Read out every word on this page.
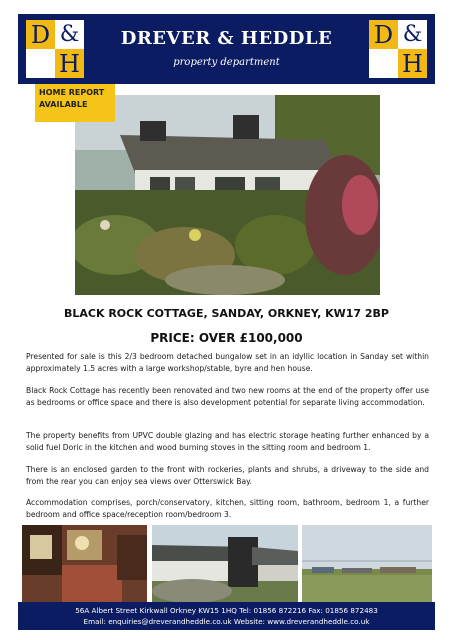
D &
H
DREVER & HEDDLE
property department
D &
H
HOME REPORT
AVAILABLE
BLACK ROCK COTTAGE, SANDAY, ORKNEY, KW17 2BP
PRICE: OVER £100,000

Presented for sale is this 2/3 bedroom detached bungalow set in an idyllic location in Sanday set within approximately 1.5 acres with a large workshop/stable, byre and hen house.

Black Rock Cottage has recently been renovated and two new rooms at the end of the property offer use as bedrooms or office space and there is also development potential for separate living accommodation.

The property benefits from UPVC double glazing and has electric storage heating further enhanced by a solid fuel Doric in the kitchen and wood burning stoves in the sitting room and bedroom 1.

There is an enclosed garden to the front with rockeries, plants and shrubs, a driveway to the side and from the rear you can enjoy sea views over Otterswick Bay.

Accommodation comprises, porch/conservatory, kitchen, sitting room, bathroom, bedroom 1, a further bedroom and office space/reception room/bedroom 3.

56A Albert Street Kirkwall Orkney KW15 1HQ Tel: 01856 872216 Fax: 01856 872483
Email: enquiries@dreverandheddle.co.uk Website: www.dreverandheddle.co.uk
